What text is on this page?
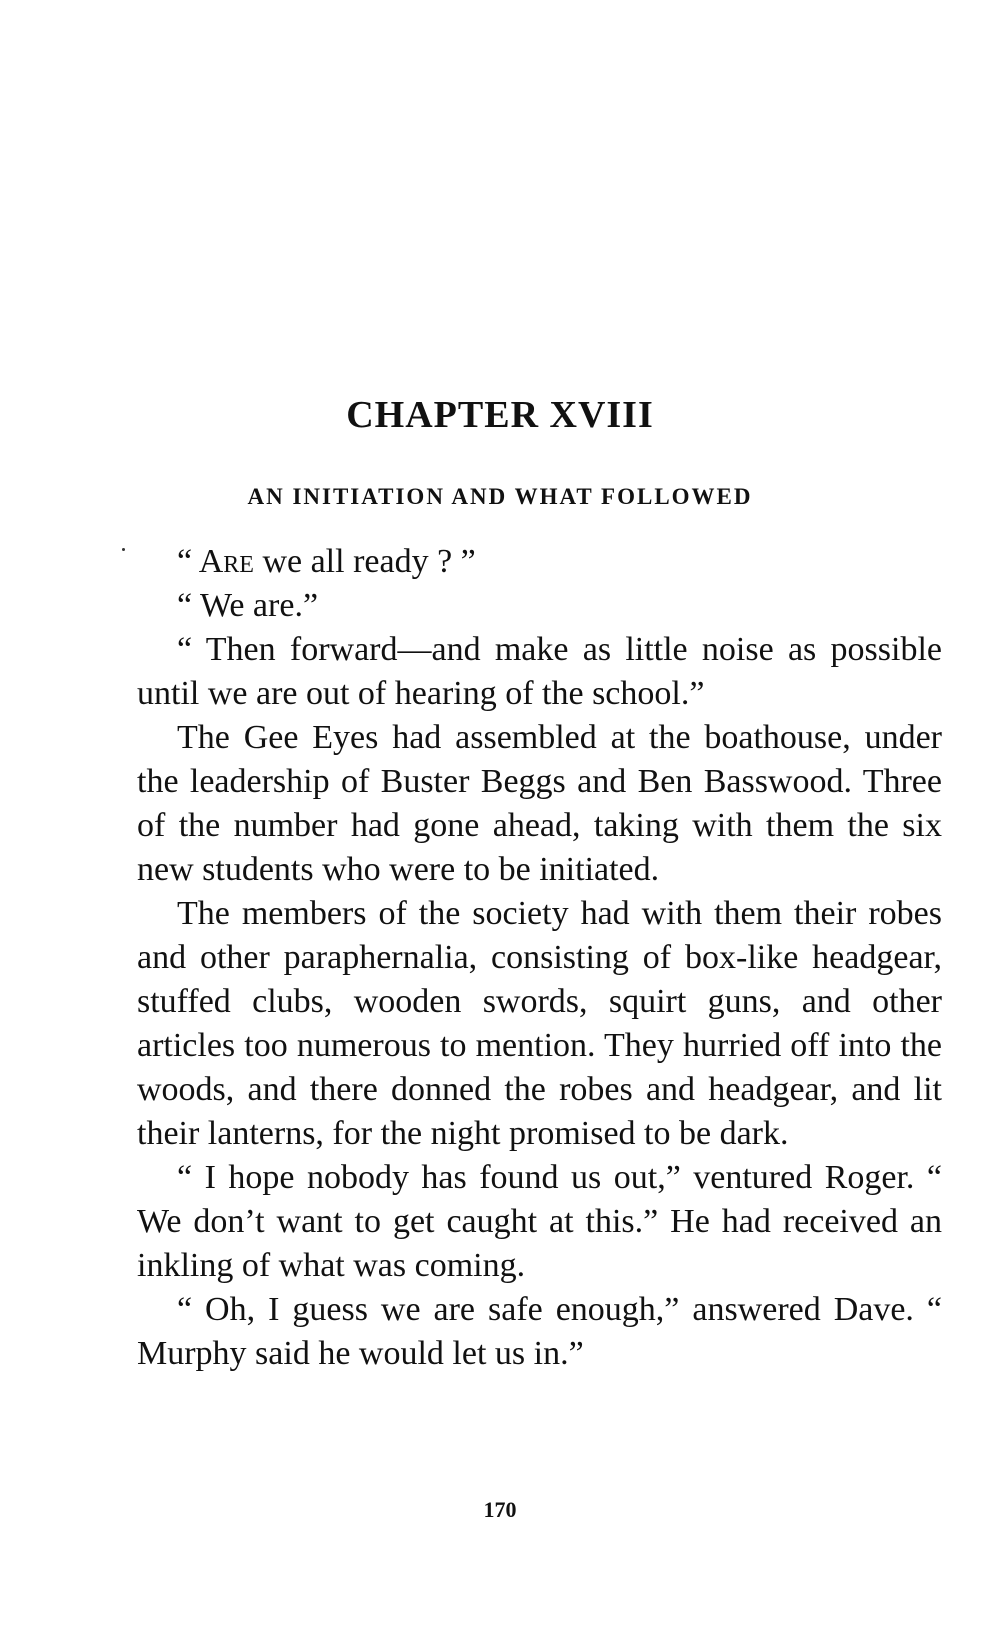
CHAPTER XVIII
AN INITIATION AND WHAT FOLLOWED

“ Are we all ready ? ”

“ We are.”

“ Then forward—and make as little noise as possible until we are out of hearing of the school.”

The Gee Eyes had assembled at the boathouse, under the leadership of Buster Beggs and Ben Basswood. Three of the number had gone ahead, taking with them the six new students who were to be initiated.

The members of the society had with them their robes and other paraphernalia, consisting of box-like headgear, stuffed clubs, wooden swords, squirt guns, and other articles too numerous to mention. They hurried off into the woods, and there donned the robes and headgear, and lit their lanterns, for the night promised to be dark.

“ I hope nobody has found us out,” ventured Roger. “ We don’t want to get caught at this.” He had received an inkling of what was coming.

“ Oh, I guess we are safe enough,” answered Dave. “ Murphy said he would let us in.”

170
